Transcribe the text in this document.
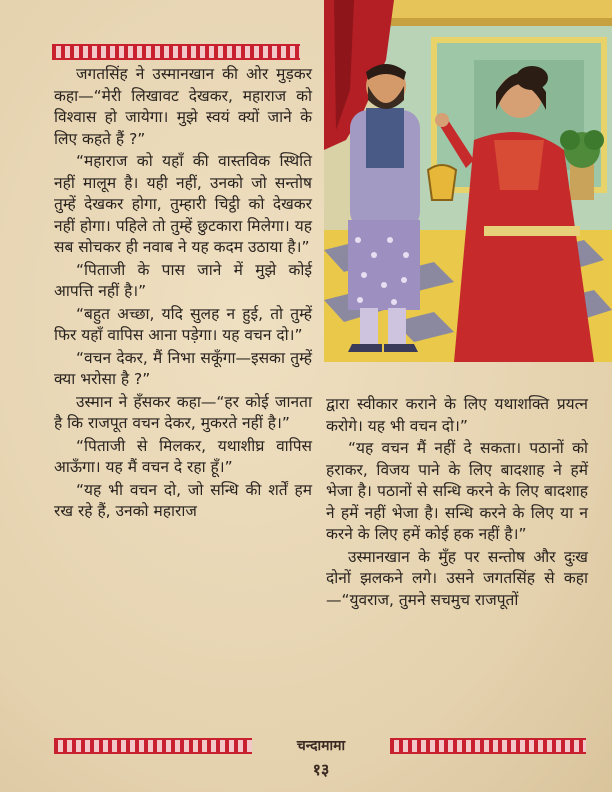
जगतसिंह ने उस्मानखान की ओर मुड़कर कहा—“मेरी लिखावट देखकर, महाराज को विश्वास हो जायेगा। मुझे स्वयं क्यों जाने के लिए कहते हैं ?”

“महाराज को यहाँ की वास्तविक स्थिति नहीं मालूम है। यही नहीं, उनको जो सन्तोष तुम्हें देखकर होगा, तुम्हारी चिट्ठी को देखकर नहीं होगा। पहिले तो तुम्हें छुटकारा मिलेगा। यह सब सोचकर ही नवाब ने यह कदम उठाया है।”

“पिताजी के पास जाने में मुझे कोई आपत्ति नहीं है।”

“बहुत अच्छा, यदि सुलह न हुई, तो तुम्हें फिर यहाँ वापिस आना पड़ेगा। यह वचन दो।”

“वचन देकर, मैं निभा सकूँगा—इसका तुम्हें क्या भरोसा है ?”

उस्मान ने हँसकर कहा—“हर कोई जानता है कि राजपूत वचन देकर, मुकरते नहीं है।”

“पिताजी से मिलकर, यथाशीघ्र वापिस आऊँगा। यह मैं वचन दे रहा हूँ।”

“यह भी वचन दो, जो सन्धि की शर्तें हम रख रहे हैं, उनको महाराज

द्वारा स्वीकार कराने के लिए यथाशक्ति प्रयत्न करोगे। यह भी वचन दो।”

“यह वचन मैं नहीं दे सकता। पठानों को हराकर, विजय पाने के लिए बादशाह ने हमें भेजा है। पठानों से सन्धि करने के लिए बादशाह ने हमें नहीं भेजा है। सन्धि करने के लिए या न करने के लिए हमें कोई हक नहीं है।”

उस्मानखान के मुँह पर सन्तोष और दुःख दोनों झलकने लगे। उसने जगतसिंह से कहा—“युवराज, तुमने सचमुच राजपूतों

चन्दामामा
१३
